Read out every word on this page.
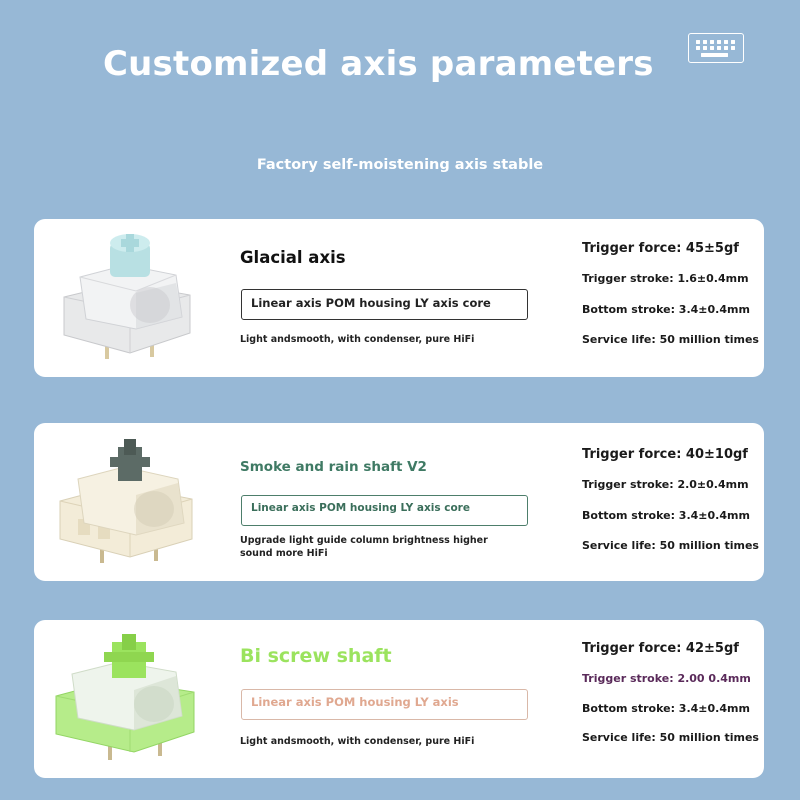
Customized axis parameters
Factory self-moistening axis stable
Glacial axis
Linear axis POM housing LY axis core
Light andsmooth, with condenser, pure HiFi
Trigger force: 45±5gf
Trigger stroke: 1.6±0.4mm
Bottom stroke: 3.4±0.4mm
Service life: 50 million times
Smoke and rain shaft V2
Linear axis POM housing LY axis core
Upgrade light guide column brightness higher
sound more HiFi
Trigger force: 40±10gf
Trigger stroke: 2.0±0.4mm
Bottom stroke: 3.4±0.4mm
Service life: 50 million times
Bi screw shaft
Linear axis POM housing LY axis
Light andsmooth, with condenser, pure HiFi
Trigger force: 42±5gf
Trigger stroke: 2.00 0.4mm
Bottom stroke: 3.4±0.4mm
Service life: 50 million times
